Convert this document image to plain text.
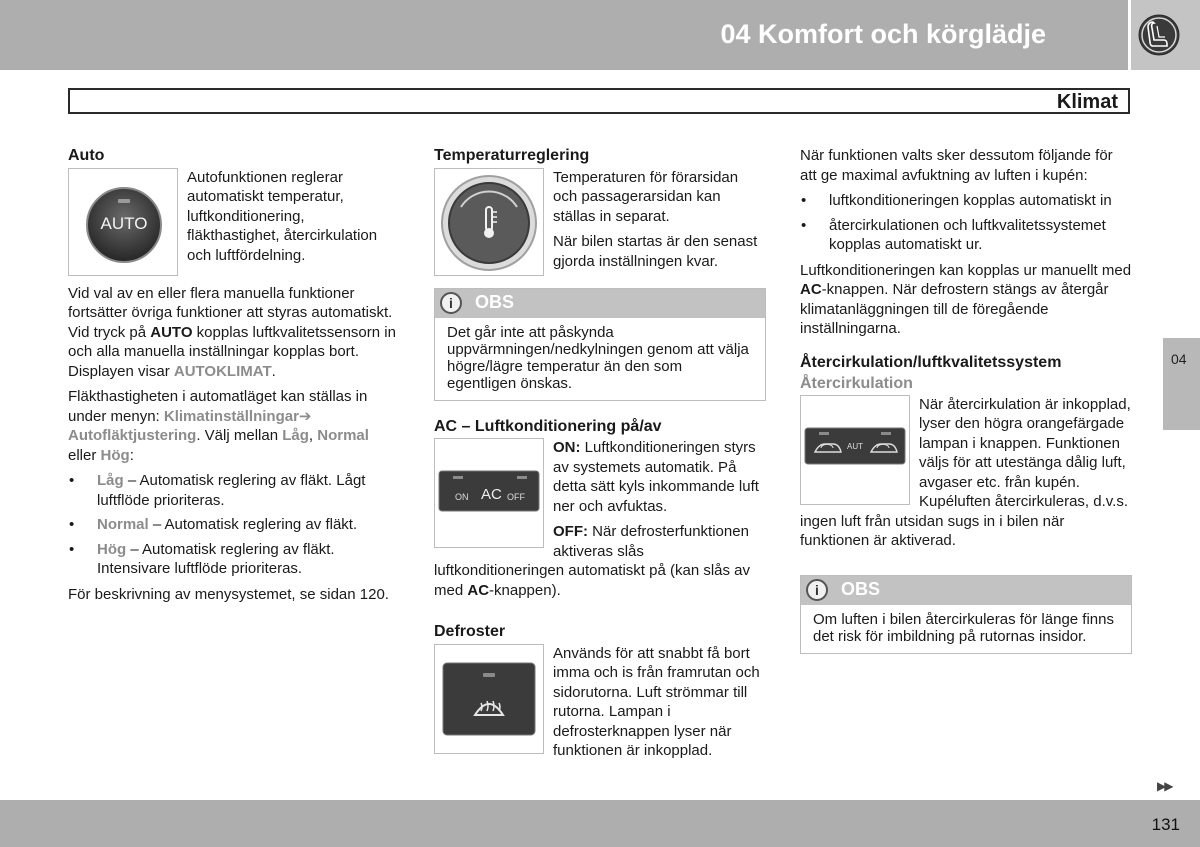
04 Komfort och körglädje
Klimat
Auto
AUTO

Autofunktionen reglerar automatiskt temperatur, luftkonditionering, fläkthastighet, återcirkulation och luftfördelning.

Vid val av en eller flera manuella funktioner fortsätter övriga funktioner att styras automatiskt. Vid tryck på AUTO kopplas luftkvalitetssensorn in och alla manuella inställningar kopplas bort. Displayen visar AUTOKLIMAT.

Fläkthastigheten i automatläget kan ställas in under menyn: Klimatinställningar➔ Autofläktjustering. Välj mellan Låg, Normal eller Hög:

• Låg – Automatisk reglering av fläkt. Lågt luftflöde prioriteras.
• Normal – Automatisk reglering av fläkt.
• Hög – Automatisk reglering av fläkt. Intensivare luftflöde prioriteras.

För beskrivning av menysystemet, se sidan 120.

Temperaturreglering

Temperaturen för förarsidan och passagerarsidan kan ställas in separat.

När bilen startas är den senast gjorda inställningen kvar.

i	OBS
Det går inte att påskynda uppvärmningen/nedkylningen genom att välja högre/lägre temperatur än den som egentligen önskas.
AC – Luftkonditionering på/av
ON AC OFF

ON: Luftkonditioneringen styrs av systemets automatik. På detta sätt kyls inkommande luft ner och avfuktas.

OFF: När defrosterfunktionen aktiveras slås luftkonditioneringen automatiskt på (kan slås av med AC-knappen).

Defroster

Används för att snabbt få bort imma och is från framrutan och sidorutorna. Luft strömmar till rutorna. Lampan i defrosterknappen lyser när funktionen är inkopplad.

När funktionen valts sker dessutom följande för att ge maximal avfuktning av luften i kupén:

• luftkonditioneringen kopplas automatiskt in
• återcirkulationen och luftkvalitetssystemet kopplas automatiskt ur.

Luftkonditioneringen kan kopplas ur manuellt med AC-knappen. När defrostern stängs av återgår klimatanläggningen till de föregående inställningarna.

Återcirkulation/luftkvalitetssystem
Återcirkulation
AUT

När återcirkulation är inkopplad, lyser den högra orangefärgade lampan i knappen. Funktionen väljs för att utestänga dålig luft, avgaser etc. från kupén. Kupéluften återcirkuleras, d.v.s. ingen luft från utsidan sugs in i bilen när funktionen är aktiverad.

i	OBS
Om luften i bilen återcirkuleras för länge finns det risk för imbildning på rutornas insidor.
04
▶▶
131
